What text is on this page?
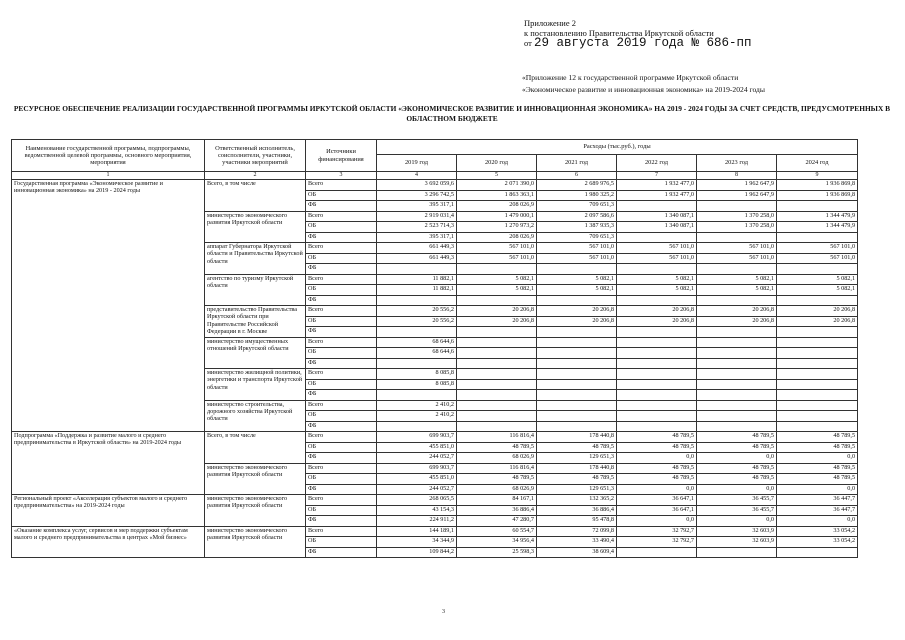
Приложение 2
к постановлению Правительства Иркутской области
от 29 августа 2019 года № 686-пп
«Приложение 12 к государственной программе Иркутской области
«Экономическое развитие и инновационная экономика» на 2019-2024 годы
РЕСУРСНОЕ ОБЕСПЕЧЕНИЕ РЕАЛИЗАЦИИ ГОСУДАРСТВЕННОЙ ПРОГРАММЫ ИРКУТСКОЙ ОБЛАСТИ «ЭКОНОМИЧЕСКОЕ РАЗВИТИЕ И ИННОВАЦИОННАЯ ЭКОНОМИКА» НА 2019 - 2024 ГОДЫ ЗА СЧЕТ СРЕДСТВ, ПРЕДУСМОТРЕННЫХ В ОБЛАСТНОМ БЮДЖЕТЕ
Наименование государственной программы, подпрограммы, ведомственной целевой программы, основного мероприятия, мероприятия	Ответственный исполнитель, соисполнители, участники, участники мероприятий	Источники финансирования	Расходы (тыс.руб.), годы					
			2019 год	2020 год	2021 год	2022 год	2023 год	2024 год
1	2	3	4	5	6	7	8	9
Государственная программа «Экономическое развитие и инновационная экономика» на 2019 - 2024 годы	Всего, в том числе	Всего	3 692 059,6	2 071 390,0	2 689 976,5	1 932 477,0	1 962 647,9	1 936 869,8
		ОБ	3 296 742,5	1 863 363,1	1 980 325,2	1 932 477,0	1 962 647,9	1 936 869,8
		ФБ	395 317,1	208 026,9	709 651,3			
	министерство экономического развития Иркутской области	Всего	2 919 031,4	1 479 000,1	2 097 586,6	1 340 087,1	1 370 258,0	1 344 479,9
		ОБ	2 523 714,3	1 270 973,2	1 387 935,3	1 340 087,1	1 370 258,0	1 344 479,9
		ФБ	395 317,1	208 026,9	709 651,3			
	аппарат Губернатора Иркутской области и Правительства Иркутской области	Всего	661 449,3	567 101,0	567 101,0	567 101,0	567 101,0	567 101,0
		ОБ	661 449,3	567 101,0	567 101,0	567 101,0	567 101,0	567 101,0
		ФБ						
	агентство по туризму Иркутской области	Всего	11 882,1	5 082,1	5 082,1	5 082,1	5 082,1	5 082,1
		ОБ	11 882,1	5 082,1	5 082,1	5 082,1	5 082,1	5 082,1
		ФБ						
	представительство Правительства Иркутской области при Правительстве Российской Федерации в г. Москве	Всего	20 556,2	20 206,8	20 206,8	20 206,8	20 206,8	20 206,8
		ОБ	20 556,2	20 206,8	20 206,8	20 206,8	20 206,8	20 206,8
		ФБ						
	министерство имущественных отношений Иркутской области	Всего	68 644,6					
		ОБ	68 644,6					
		ФБ						
	министерство жилищной политики, энергетики и транспорта Иркутской области	Всего	8 085,8					
		ОБ	8 085,8					
		ФБ						
	министерство строительства, дорожного хозяйства Иркутской области	Всего	2 410,2					
		ОБ	2 410,2					
		ФБ						
Подпрограмма «Поддержка и развитие малого и среднего предпринимательства в Иркутской области» на 2019-2024 годы	Всего, в том числе	Всего	699 903,7	116 816,4	178 440,8	48 789,5	48 789,5	48 789,5
		ОБ	455 851,0	48 789,5	48 789,5	48 789,5	48 789,5	48 789,5
		ФБ	244 052,7	68 026,9	129 651,3	0,0	0,0	0,0
	министерство экономического развития Иркутской области	Всего	699 903,7	116 816,4	178 440,8	48 789,5	48 789,5	48 789,5
		ОБ	455 851,0	48 789,5	48 789,5	48 789,5	48 789,5	48 789,5
		ФБ	244 052,7	68 026,9	129 651,3	0,0	0,0	0,0
Региональный проект «Акселерация субъектов малого и среднего предпринимательства» на 2019-2024 годы	министерство экономического развития Иркутской области	Всего	268 065,5	84 167,1	132 365,2	36 647,1	36 455,7	36 447,7
		ОБ	43 154,3	36 886,4	36 886,4	36 647,1	36 455,7	36 447,7
		ФБ	224 911,2	47 280,7	95 478,8	0,0	0,0	0,0
«Оказание комплекса услуг, сервисов и мер поддержки субъектам малого и среднего предпринимательства в центрах «Мой бизнес»	министерство экономического развития Иркутской области	Всего	144 189,1	60 554,7	72 099,8	32 792,7	32 603,9	33 054,2
		ОБ	34 344,9	34 956,4	33 490,4	32 792,7	32 603,9	33 054,2
		ФБ	109 844,2	25 598,3	38 609,4			
3
